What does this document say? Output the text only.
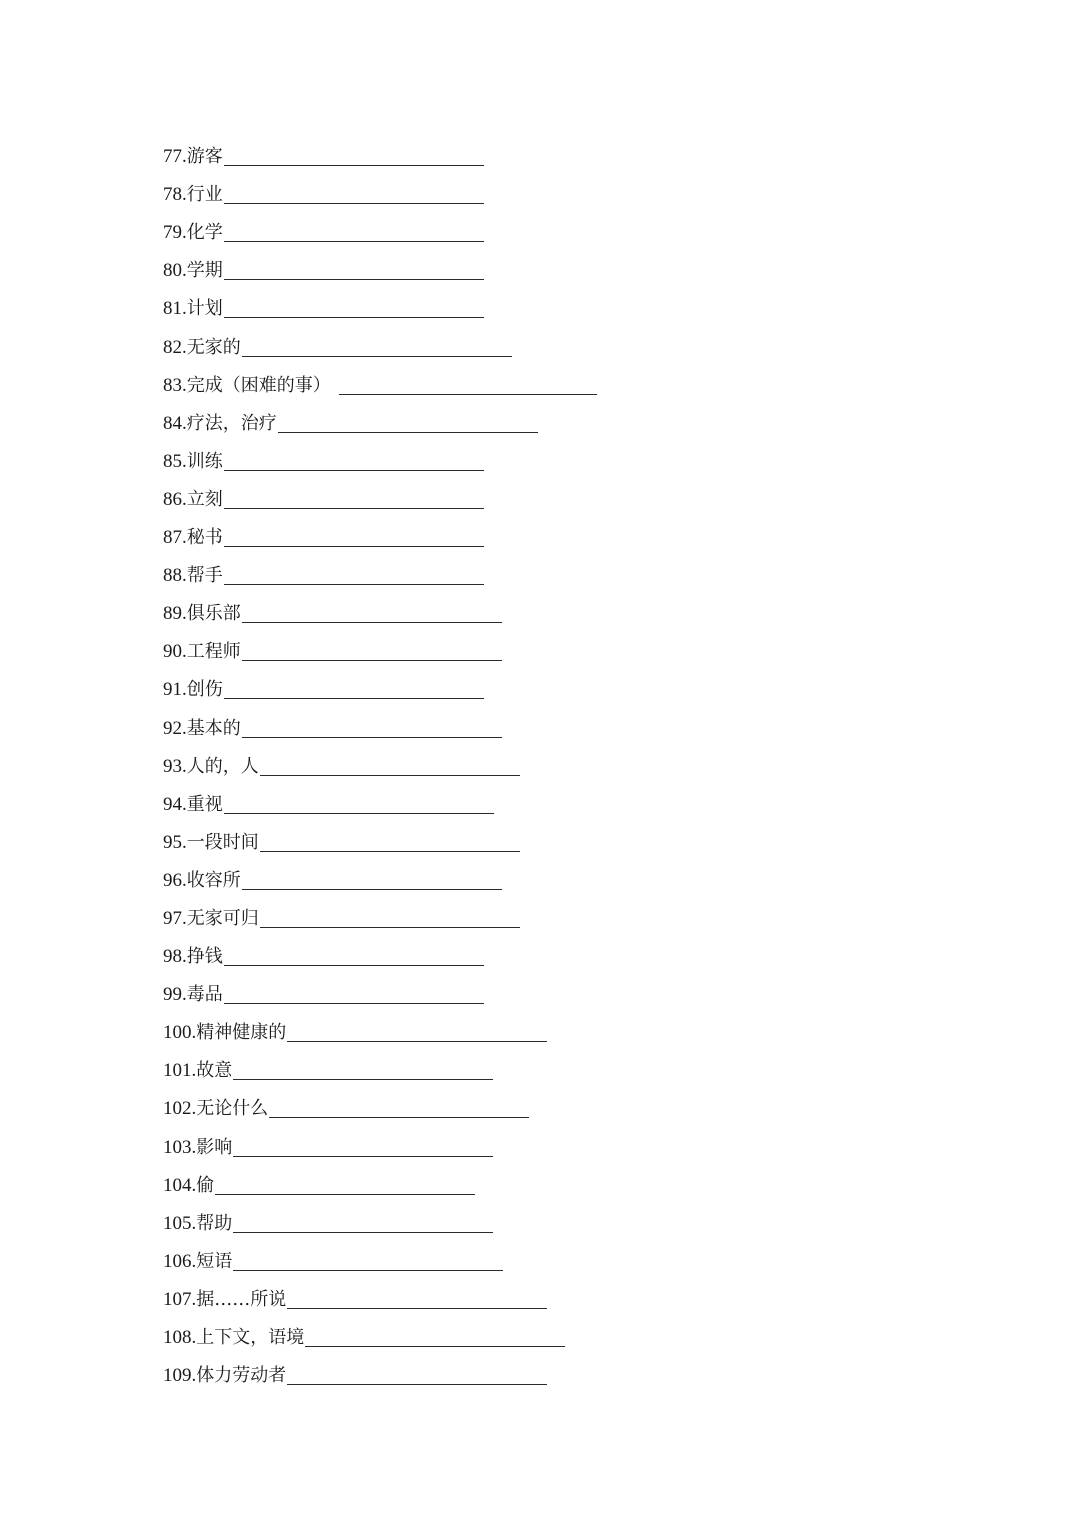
77. 游客
78. 行业
79. 化学
80. 学期
81. 计划
82. 无家的
83. 完成（困难的事）
84. 疗法，治疗
85. 训练
86. 立刻
87. 秘书
88. 帮手
89. 俱乐部
90. 工程师
91. 创伤
92. 基本的
93. 人的，人
94. 重视
95. 一段时间
96. 收容所
97. 无家可归
98. 挣钱
99. 毒品
100. 精神健康的
101. 故意
102. 无论什么
103. 影响
104. 偷
105. 帮助
106. 短语
107. 据……所说
108. 上下文，语境
109. 体力劳动者
